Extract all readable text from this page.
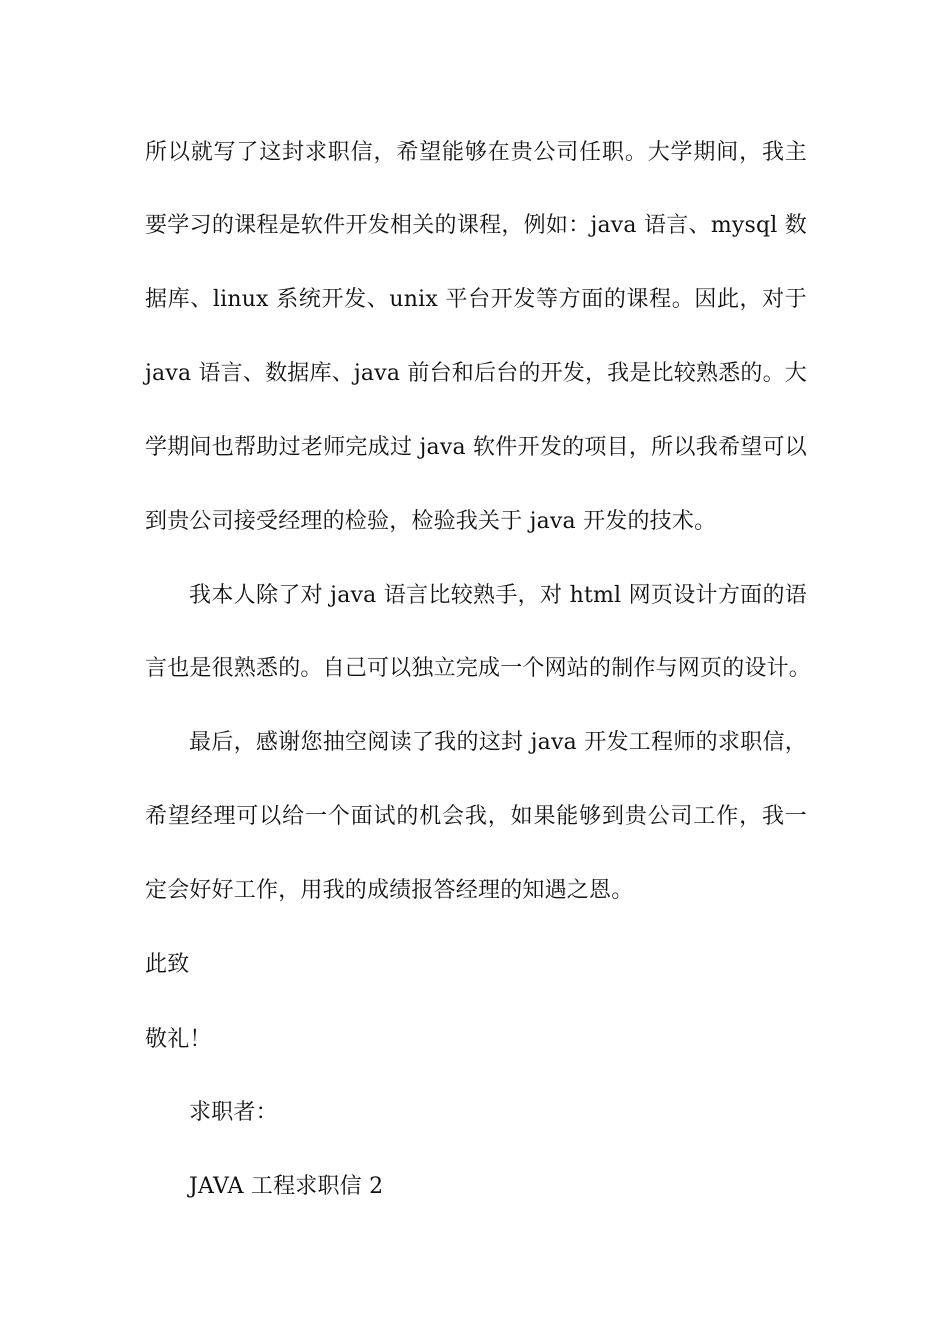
所以就写了这封求职信，希望能够在贵公司任职。大学期间，我主
要学习的课程是软件开发相关的课程，例如：java 语言、mysql 数
据库、linux 系统开发、unix 平台开发等方面的课程。因此，对于
java 语言、数据库、java 前台和后台的开发，我是比较熟悉的。大
学期间也帮助过老师完成过 java 软件开发的项目，所以我希望可以
到贵公司接受经理的检验，检验我关于 java 开发的技术。
我本人除了对 java 语言比较熟手，对 html 网页设计方面的语
言也是很熟悉的。自己可以独立完成一个网站的制作与网页的设计。
最后，感谢您抽空阅读了我的这封 java 开发工程师的求职信，
希望经理可以给一个面试的机会我，如果能够到贵公司工作，我一
定会好好工作，用我的成绩报答经理的知遇之恩。
此致
敬礼！
求职者：
JAVA 工程求职信 2
